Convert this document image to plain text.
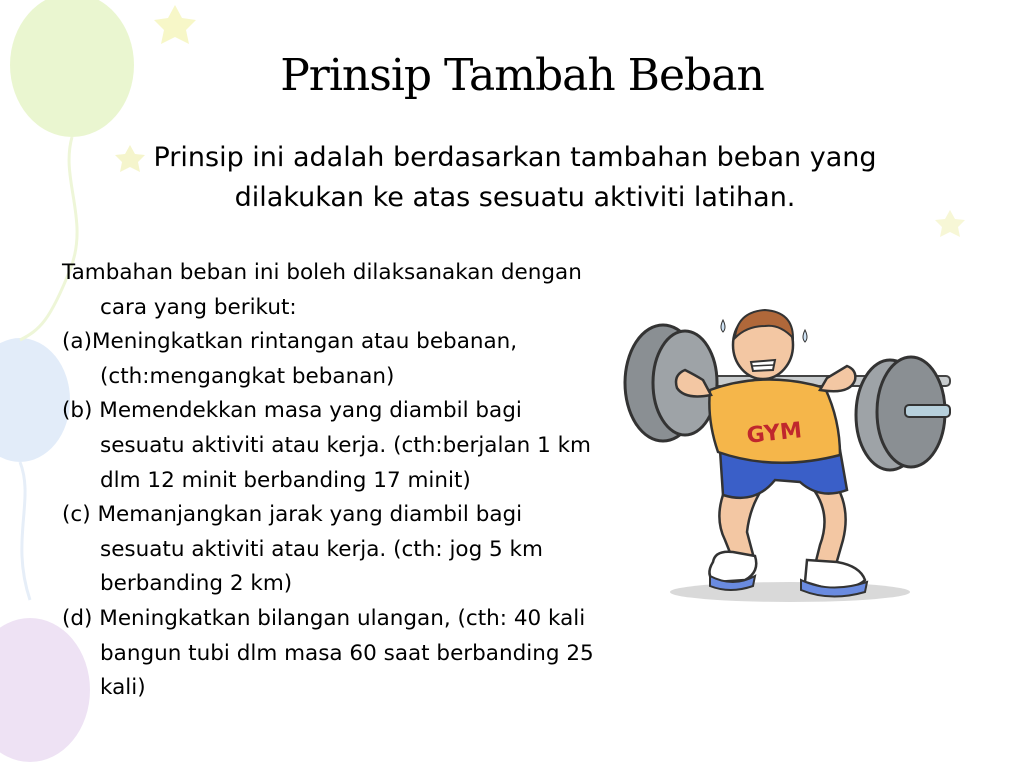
Prinsip Tambah Beban
Prinsip ini adalah berdasarkan tambahan beban yang dilakukan ke atas sesuatu aktiviti latihan.

Tambahan beban ini boleh dilaksanakan dengan cara yang berikut:

(a)Meningkatkan rintangan atau bebanan, (cth:mengangkat bebanan)

(b) Memendekkan masa yang diambil bagi sesuatu aktiviti atau kerja. (cth:berjalan 1 km dlm 12 minit berbanding 17 minit)

(c) Memanjangkan jarak yang diambil bagi sesuatu aktiviti atau kerja. (cth: jog 5 km berbanding 2 km)

(d) Meningkatkan bilangan ulangan, (cth: 40 kali bangun tubi dlm masa 60 saat berbanding 25 kali)

GYM
